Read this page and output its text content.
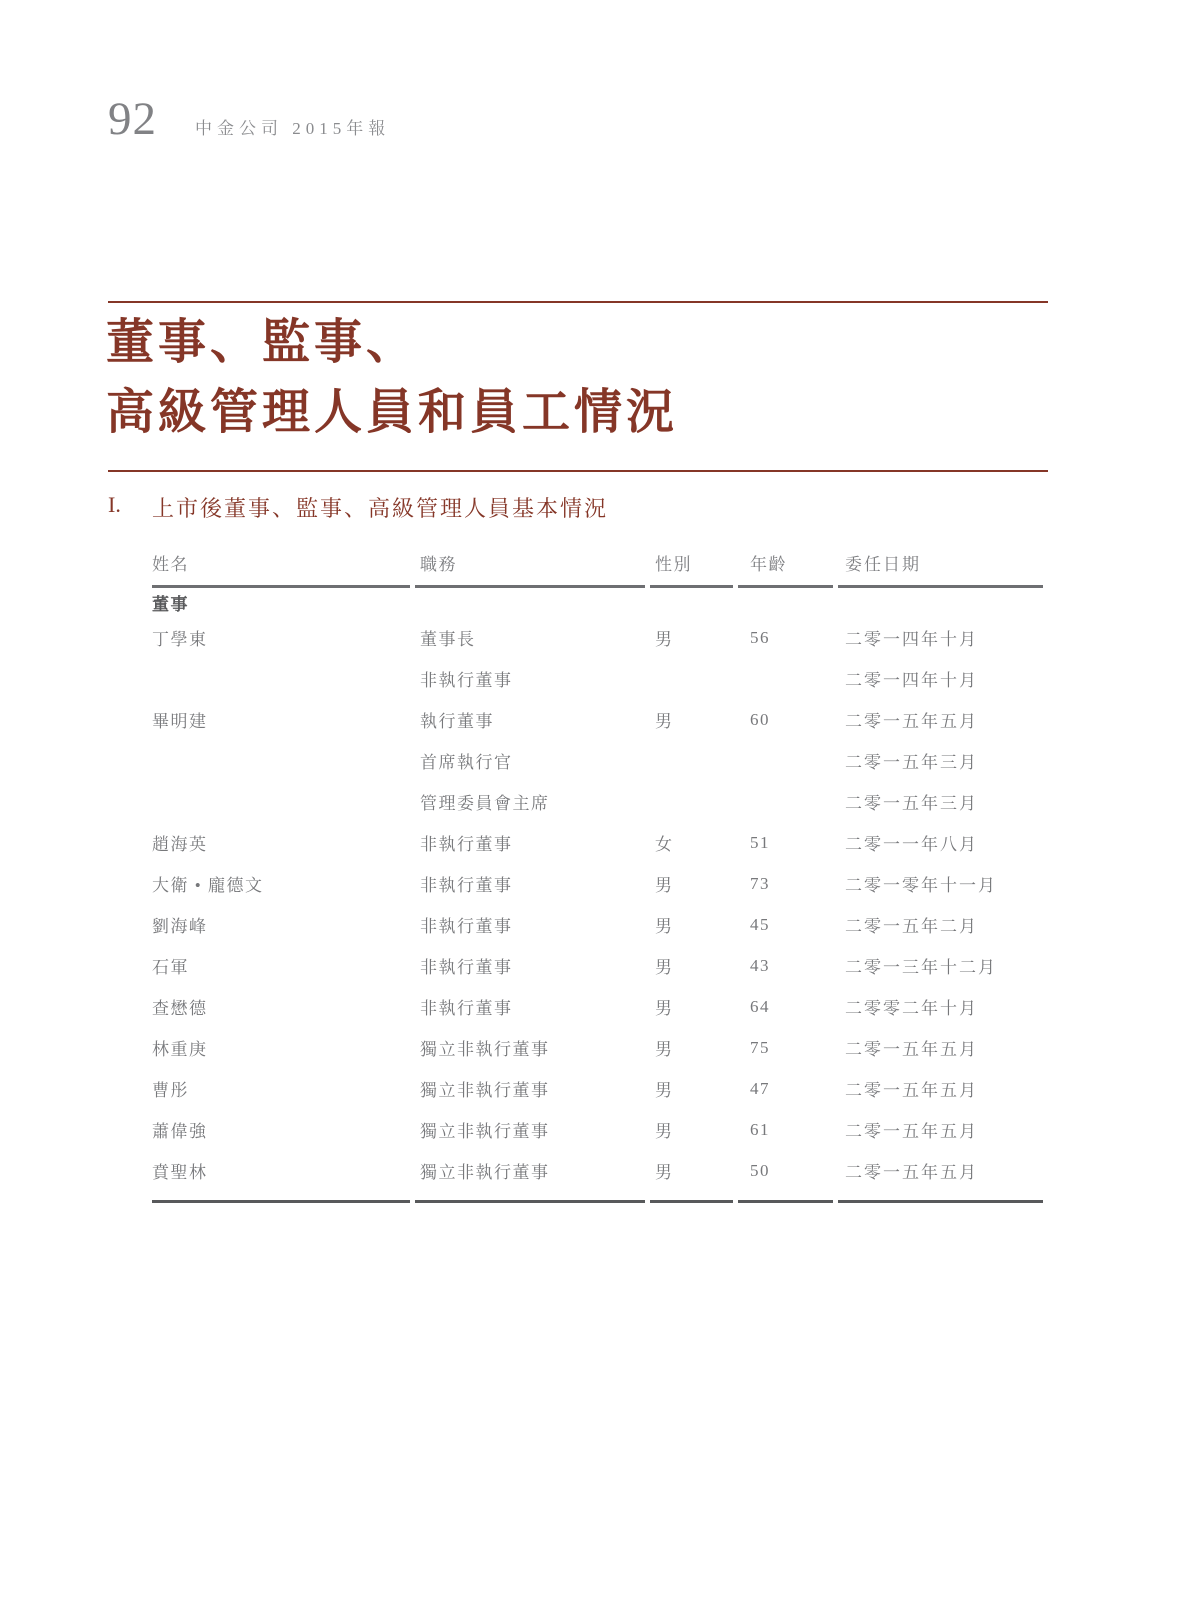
92 中金公司 2015年報
董事、監事、
高級管理人員和員工情況
I.	上市後董事、監事、高級管理人員基本情況
姓名	職務	性別	年齡	委任日期
董事				
丁學東	董事長	男	56	二零一四年十月
	非執行董事			二零一四年十月
畢明建	執行董事	男	60	二零一五年五月
	首席執行官			二零一五年三月
	管理委員會主席			二零一五年三月
趙海英	非執行董事	女	51	二零一一年八月
大衛 • 龐德文	非執行董事	男	73	二零一零年十一月
劉海峰	非執行董事	男	45	二零一五年二月
石軍	非執行董事	男	43	二零一三年十二月
查懋德	非執行董事	男	64	二零零二年十月
林重庚	獨立非執行董事	男	75	二零一五年五月
曹彤	獨立非執行董事	男	47	二零一五年五月
蕭偉強	獨立非執行董事	男	61	二零一五年五月
賁聖林	獨立非執行董事	男	50	二零一五年五月
